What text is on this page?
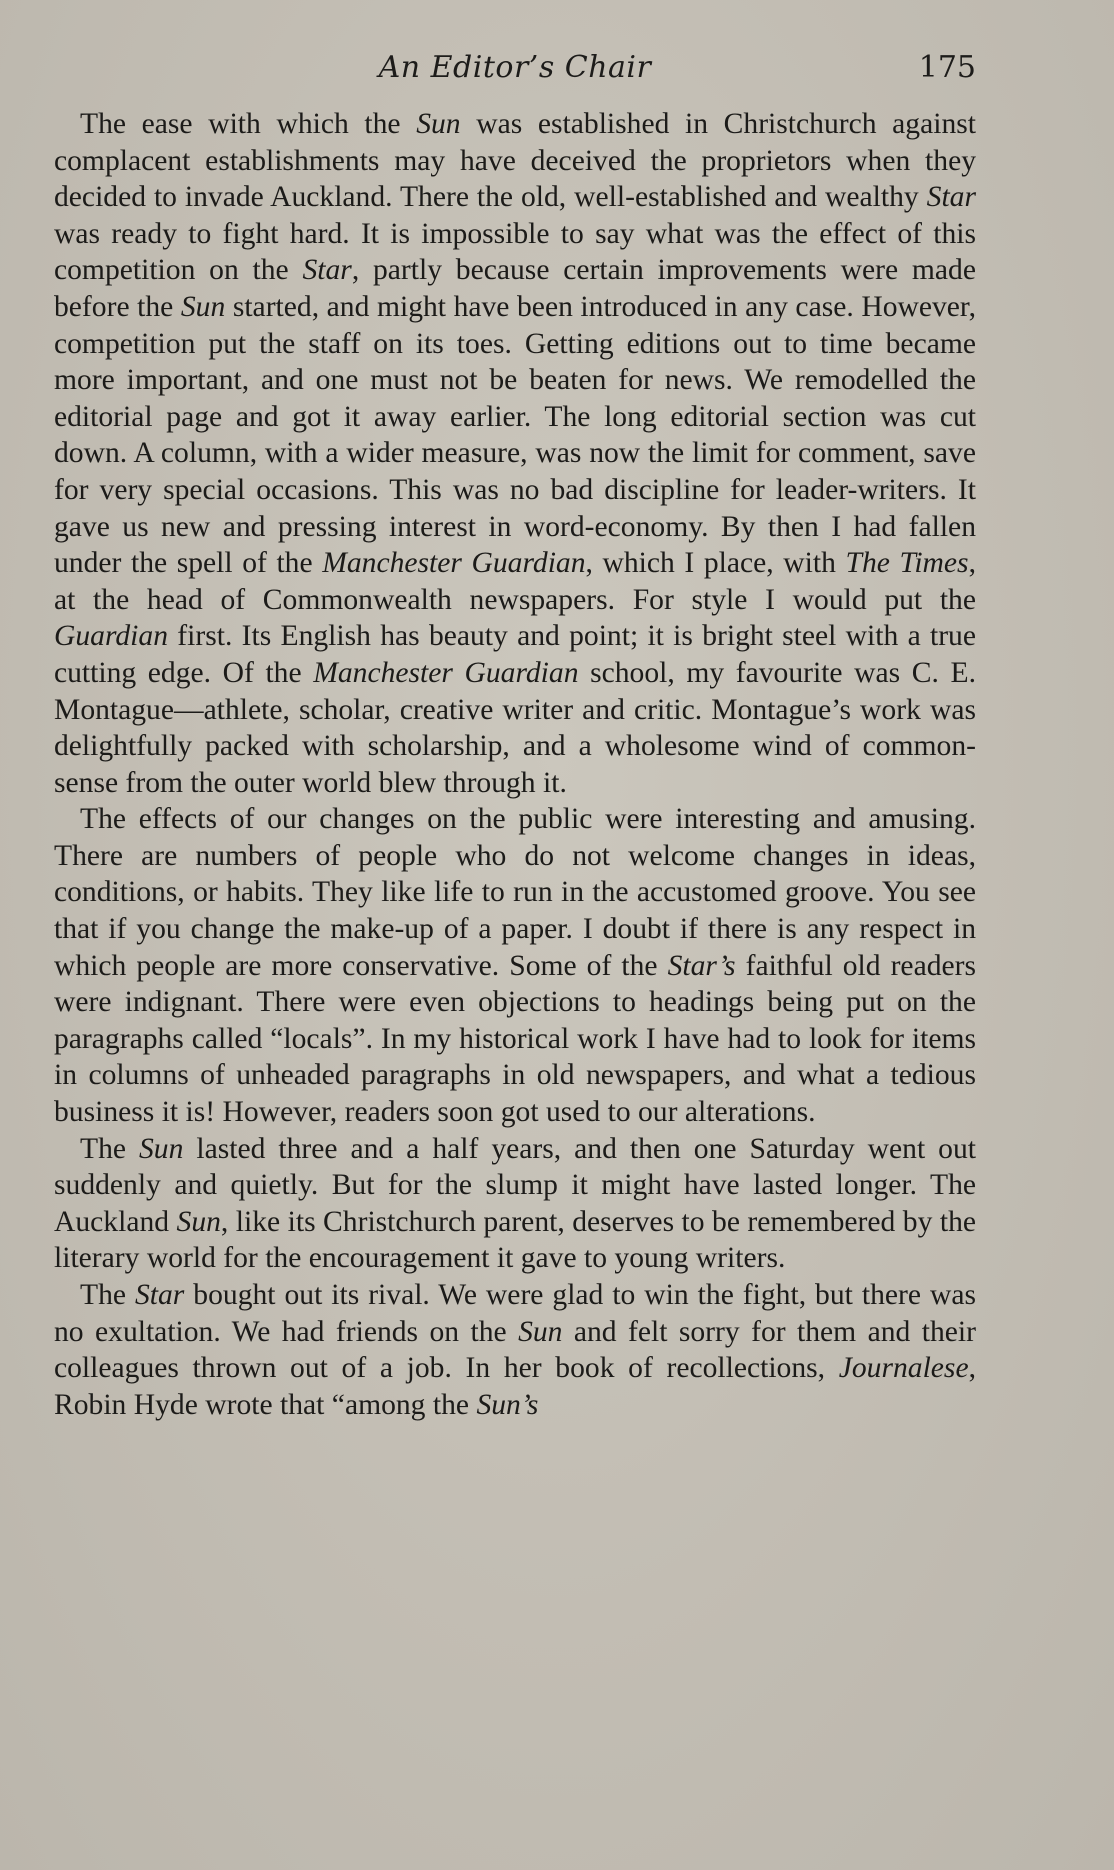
An Editor’s Chair	175

The ease with which the Sun was established in Christchurch against complacent establishments may have deceived the proprietors when they decided to invade Auckland. There the old, well-established and wealthy Star was ready to fight hard. It is impossible to say what was the effect of this competition on the Star, partly because certain improvements were made before the Sun started, and might have been introduced in any case. However, competition put the staff on its toes. Getting editions out to time became more important, and one must not be beaten for news. We remodelled the editorial page and got it away earlier. The long editorial section was cut down. A column, with a wider measure, was now the limit for comment, save for very special occasions. This was no bad discipline for leader-writers. It gave us new and pressing interest in word-economy. By then I had fallen under the spell of the Manchester Guardian, which I place, with The Times, at the head of Commonwealth newspapers. For style I would put the Guardian first. Its English has beauty and point; it is bright steel with a true cutting edge. Of the Manchester Guardian school, my favourite was C. E. Montague—athlete, scholar, creative writer and critic. Montague’s work was delightfully packed with scholarship, and a wholesome wind of commonsense from the outer world blew through it.

The effects of our changes on the public were interesting and amusing. There are numbers of people who do not welcome changes in ideas, conditions, or habits. They like life to run in the accustomed groove. You see that if you change the make-up of a paper. I doubt if there is any respect in which people are more conservative. Some of the Star’s faithful old readers were indignant. There were even objections to headings being put on the paragraphs called “locals”. In my historical work I have had to look for items in columns of unheaded paragraphs in old newspapers, and what a tedious business it is! However, readers soon got used to our alterations.

The Sun lasted three and a half years, and then one Saturday went out suddenly and quietly. But for the slump it might have lasted longer. The Auckland Sun, like its Christchurch parent, deserves to be remembered by the literary world for the encouragement it gave to young writers.

The Star bought out its rival. We were glad to win the fight, but there was no exultation. We had friends on the Sun and felt sorry for them and their colleagues thrown out of a job. In her book of recollections, Journalese, Robin Hyde wrote that “among the Sun’s
